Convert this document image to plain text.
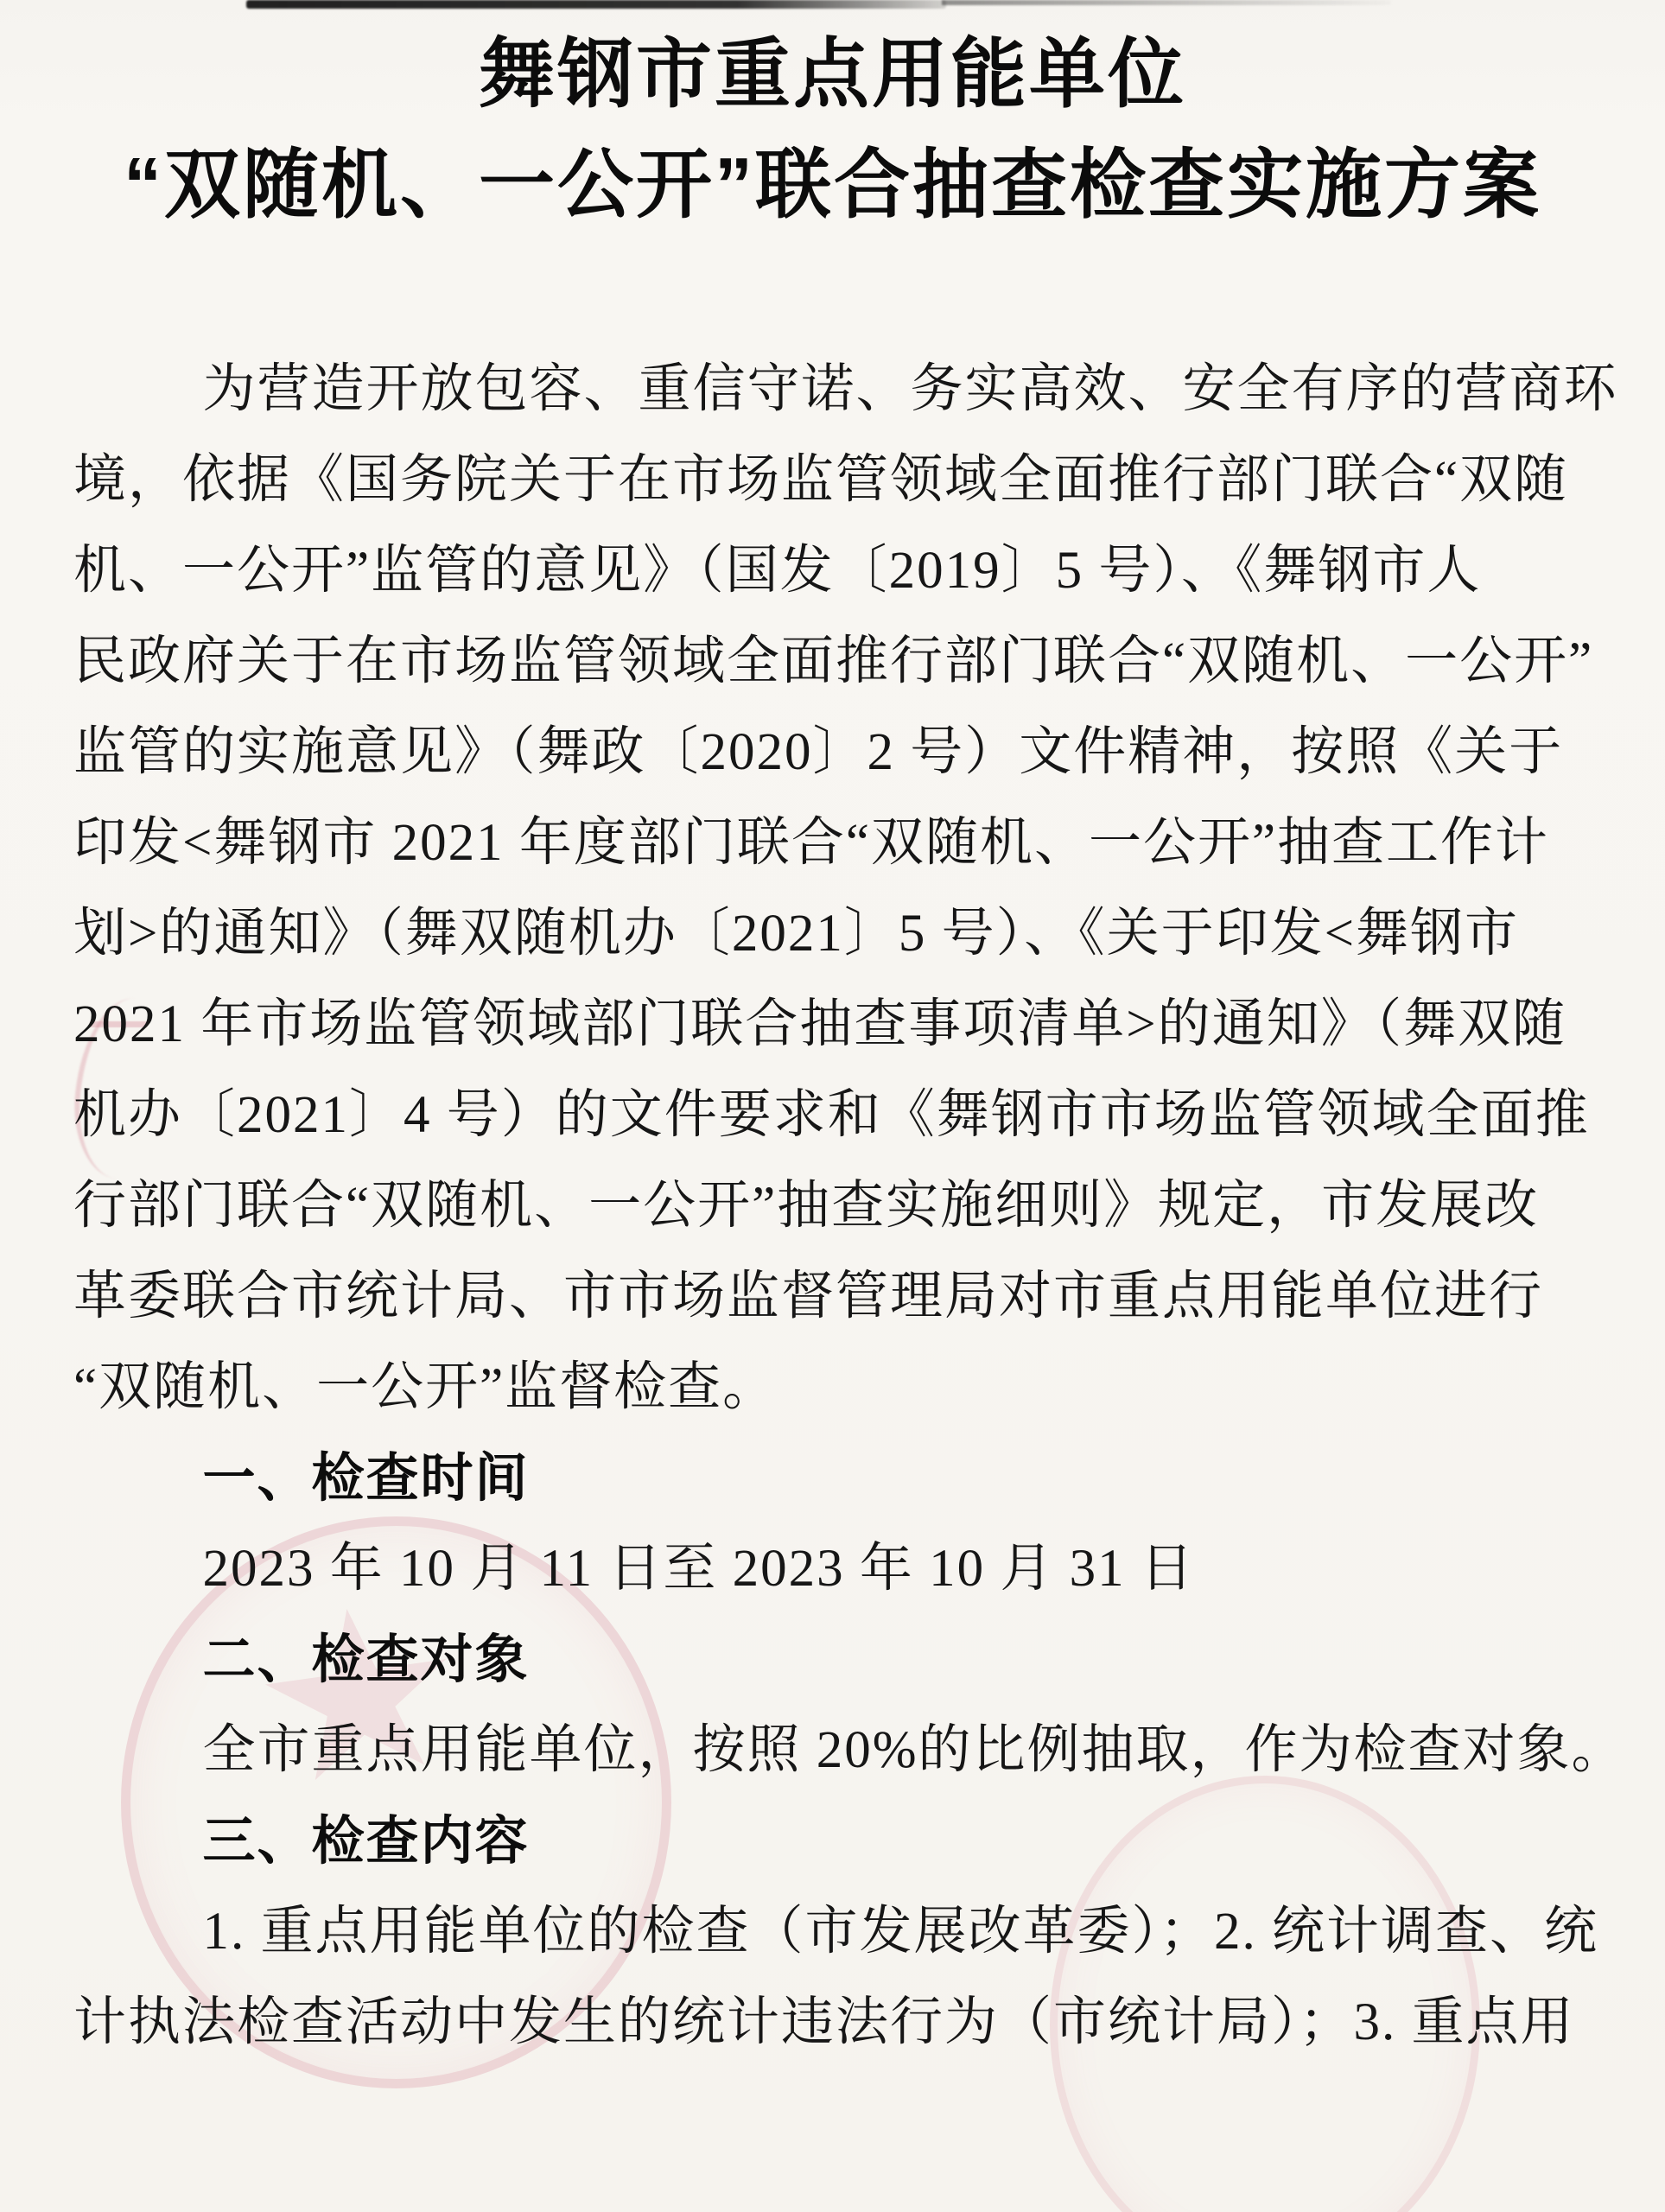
舞钢市重点用能单位
“双随机、一公开”联合抽查检查实施方案
为营造开放包容、重信守诺、务实高效、安全有序的营商环
境，依据《国务院关于在市场监管领域全面推行部门联合“双随
机、一公开”监管的意见》（国发〔2019〕5 号）、《舞钢市人
民政府关于在市场监管领域全面推行部门联合“双随机、一公开”
监管的实施意见》（舞政〔2020〕2 号）文件精神，按照《关于
印发<舞钢市 2021 年度部门联合“双随机、一公开”抽查工作计
划>的通知》（舞双随机办〔2021〕5 号）、《关于印发<舞钢市
2021 年市场监管领域部门联合抽查事项清单>的通知》（舞双随
机办〔2021〕4 号）的文件要求和《舞钢市市场监管领域全面推
行部门联合“双随机、一公开”抽查实施细则》规定，市发展改
革委联合市统计局、市市场监督管理局对市重点用能单位进行
“双随机、一公开”监督检查。
一、检查时间
2023 年 10 月 11 日至 2023 年 10 月 31 日
二、检查对象
全市重点用能单位，按照 20%的比例抽取，作为检查对象。
三、检查内容
1. 重点用能单位的检查（市发展改革委）；2. 统计调查、统
计执法检查活动中发生的统计违法行为（市统计局）；3. 重点用
